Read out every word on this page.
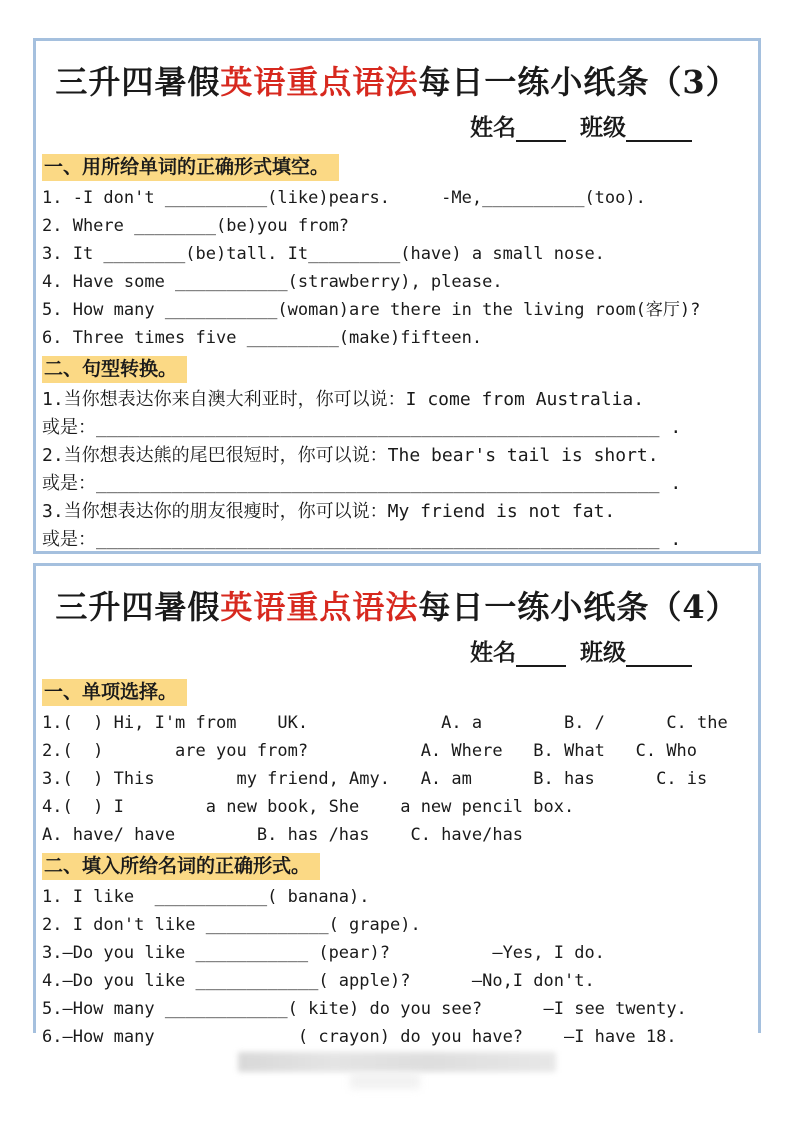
三升四暑假英语重点语法每日一练小纸条（3）
姓名	班级
一、用所给单词的正确形式填空。
1. -I don't __________(like)pears.     -Me,__________(too).
2. Where ________(be)you from?
3. It ________(be)tall. It_________(have) a small nose.
4. Have some ___________(strawberry), please.
5. How many ___________(woman)are there in the living room(客厅)?
6. Three times five _________(make)fifteen.
二、句型转换。
1.当你想表达你来自澳大利亚时，你可以说：I come from Australia.
或是：____________________________________________________ .
2.当你想表达熊的尾巴很短时，你可以说：The bear's tail is short.
或是：____________________________________________________ .
3.当你想表达你的朋友很瘦时，你可以说：My friend is not fat.
或是：____________________________________________________ .
三升四暑假英语重点语法每日一练小纸条（4）
姓名	班级
一、单项选择。
1.(  ) Hi, I'm from    UK.             A. a        B. /      C. the
2.(  )       are you from?           A. Where   B. What   C. Who
3.(  ) This        my friend, Amy.   A. am      B. has      C. is
4.(  ) I        a new book, She    a new pencil box.
A. have/ have        B. has /has    C. have/has
二、填入所给名词的正确形式。
1. I like  ___________( banana).
2. I don't like ____________( grape).
3.—Do you like ___________ (pear)?          —Yes, I do.
4.—Do you like ____________( apple)?      —No,I don't.
5.—How many ____________( kite) do you see?      —I see twenty.
6.—How many              ( crayon) do you have?    —I have 18.
